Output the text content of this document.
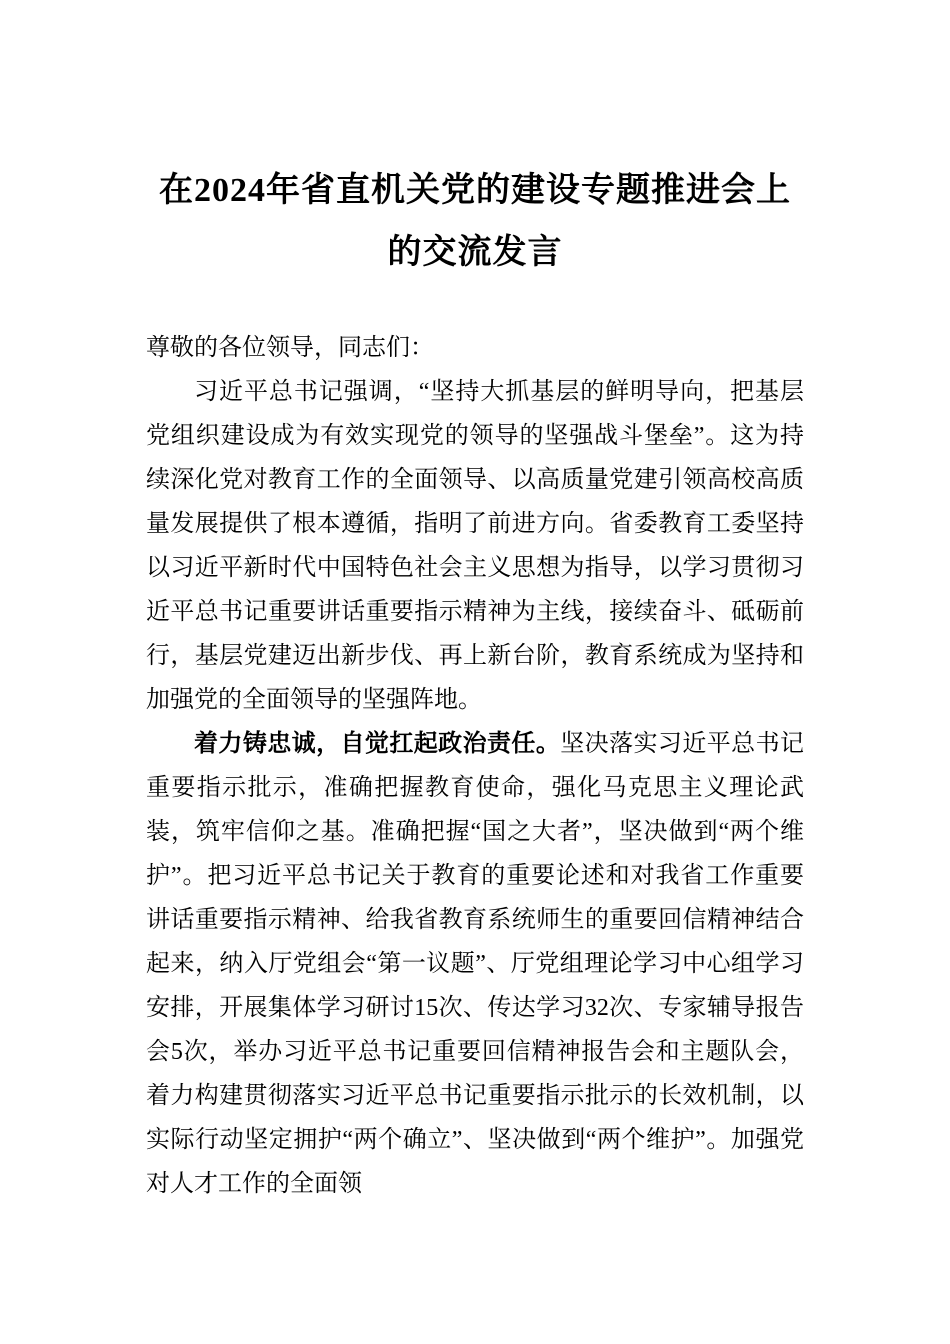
在2024年省直机关党的建设专题推进会上
的交流发言

尊敬的各位领导，同志们：

习近平总书记强调，“坚持大抓基层的鲜明导向，把基层党组织建设成为有效实现党的领导的坚强战斗堡垒”。这为持续深化党对教育工作的全面领导、以高质量党建引领高校高质量发展提供了根本遵循，指明了前进方向。省委教育工委坚持以习近平新时代中国特色社会主义思想为指导，以学习贯彻习近平总书记重要讲话重要指示精神为主线，接续奋斗、砥砺前行，基层党建迈出新步伐、再上新台阶，教育系统成为坚持和加强党的全面领导的坚强阵地。

着力铸忠诚，自觉扛起政治责任。坚决落实习近平总书记重要指示批示，准确把握教育使命，强化马克思主义理论武装，筑牢信仰之基。准确把握“国之大者”，坚决做到“两个维护”。把习近平总书记关于教育的重要论述和对我省工作重要讲话重要指示精神、给我省教育系统师生的重要回信精神结合起来，纳入厅党组会“第一议题”、厅党组理论学习中心组学习安排，开展集体学习研讨15次、传达学习32次、专家辅导报告会5次，举办习近平总书记重要回信精神报告会和主题队会，着力构建贯彻落实习近平总书记重要指示批示的长效机制，以实际行动坚定拥护“两个确立”、坚决做到“两个维护”。加强党对人才工作的全面领
